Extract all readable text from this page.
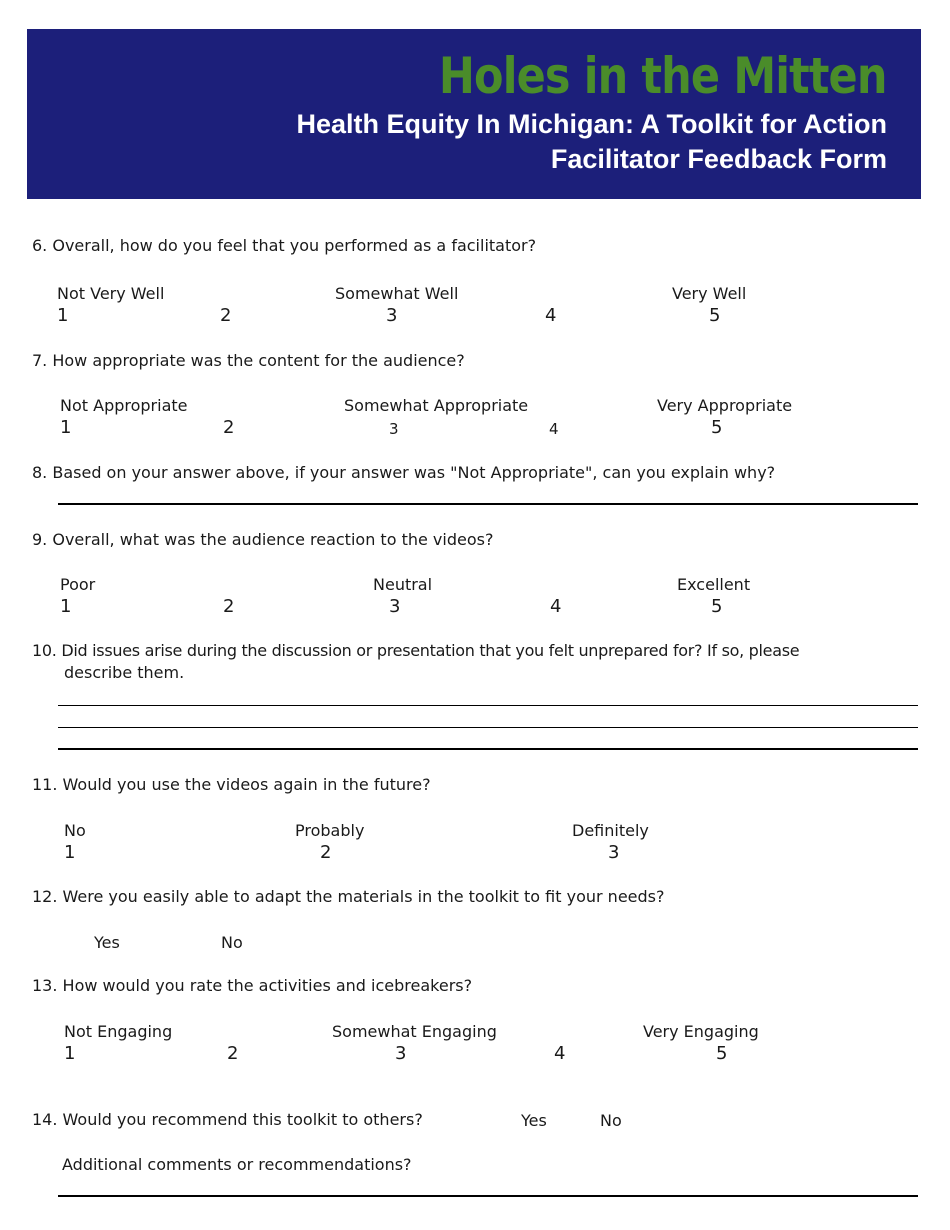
Holes in the Mitten
Health Equity In Michigan: A Toolkit for Action
Facilitator Feedback Form
6. Overall, how do you feel that you performed as a facilitator?
Not Very Well	Somewhat Well	Very Well
1	2	3	4	5
7. How appropriate was the content for the audience?
Not Appropriate	Somewhat Appropriate	Very Appropriate
1	2	3	4	5
8. Based on your answer above, if your answer was "Not Appropriate", can you explain why?
9. Overall, what was the audience reaction to the videos?
Poor	Neutral	Excellent
1	2	3	4	5
10. Did issues arise during the discussion or presentation that you felt unprepared for? If so, please
describe them.
11. Would you use the videos again in the future?
No	Probably	Definitely
1	2	3
12. Were you easily able to adapt the materials in the toolkit to fit your needs?
Yes	No
13. How would you rate the activities and icebreakers?
Not Engaging	Somewhat Engaging	Very Engaging
1	2	3	4	5
14. Would you recommend this toolkit to others?	Yes	No
Additional comments or recommendations?
